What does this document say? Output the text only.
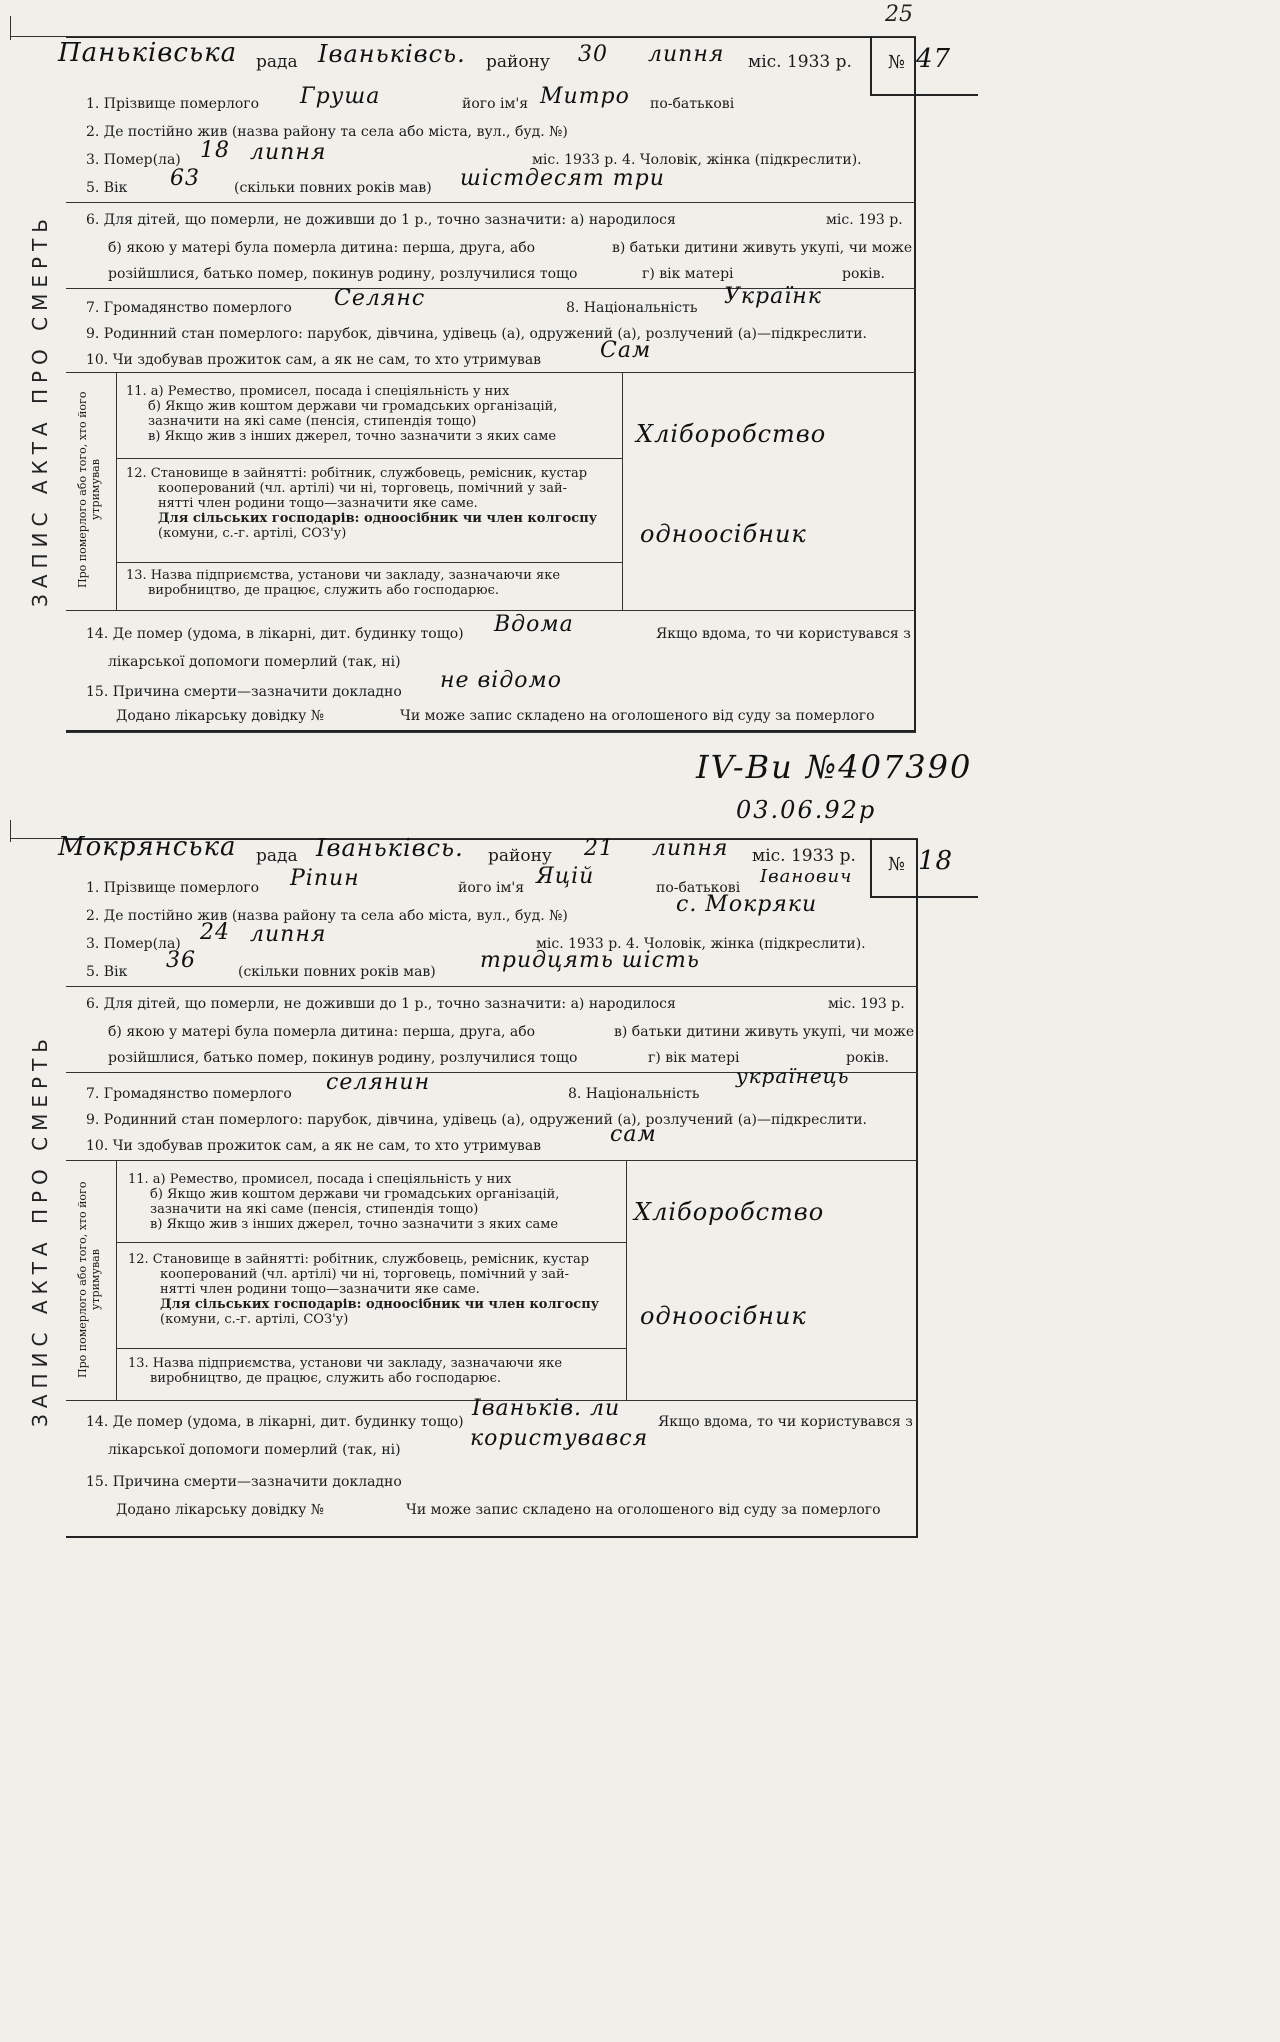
25
ЗАПИС АКТА ПРО СМЕРТЬ
Паньківська рада Іваньківсь. району 30 липня міс. 1933 р. № 47
1. Прізвище померлого Груша	його ім'я Митро по-батькові
2. Де постійно жив (назва району та села або міста, вул., буд. №)
3. Помер(ла) 18 липня	міс. 1933 р. 4. Чоловік, жінка (підкреслити).
5. Вік 63 (скільки повних років мав) шістдесят три
6. Для дітей, що померли, не доживши до 1 р., точно зазначити: а) народилося	міс. 193 р.
б) якою у матері була померла дитина: перша, друга, або	в) батьки дитини живуть укупі, чи може
розійшлися, батько помер, покинув родину, розлучилися тощо	г) вік матері	років.
7. Громадянство померлого Селянс	8. Національність Українк
9. Родинний стан померлого: парубок, дівчина, удівець (а), одружений (а), розлучений (а)—підкреслити.
10. Чи здобував прожиток сам, а як не сам, то хто утримував	Сам
Про померлого або того, хто його утримував
11. а) Ремество, промисел, посада і спеціяльність у них
б) Якщо жив коштом держави чи громадських організацій,
зазначити на які саме (пенсія, стипендія тощо)
в) Якщо жив з інших джерел, точно зазначити з яких саме	Хліборобство
12. Становище в зайнятті: робітник, службовець, ремісник, кустар
кооперований (чл. артілі) чи ні, торговець, помічний у зай-
нятті член родини тощо—зазначити яке саме.
Для сільських господарів: одноосібник чи член колгоспу
(комуни, с.-г. артілі, СОЗ'у)	одноосібник
13. Назва підприємства, установи чи закладу, зазначаючи яке
виробництво, де працює, служить або господарює.
14. Де помер (удома, в лікарні, дит. будинку тощо) Вдома	Якщо вдома, то чи користувався з
лікарської допомоги померлий (так, ні)
15. Причина смерти—зазначити докладно не відомо
Додано лікарську довідку №	Чи може запис складено на оголошеного від суду за померлого
IV-Ви №407390
03.06.92р
ЗАПИС АКТА ПРО СМЕРТЬ
Мокрянська рада Іваньківсь. району 21 липня міс. 1933 р. № 18
1. Прізвище померлого Ріпин	його ім'я Яцій	по-батькові
Іванович
2. Де постійно жив (назва району та села або міста, вул., буд. №)	с. Мокряки
3. Помер(ла) 24 липня	міс. 1933 р. 4. Чоловік, жінка (підкреслити).
5. Вік 36	(скільки повних років мав) тридцять шість
6. Для дітей, що померли, не доживши до 1 р., точно зазначити: а) народилося	міс. 193 р.
б) якою у матері була померла дитина: перша, друга, або	в) батьки дитини живуть укупі, чи може
розійшлися, батько помер, покинув родину, розлучилися тощо	г) вік матері	років.
7. Громадянство померлого селянин	8. Національність
українець
9. Родинний стан померлого: парубок, дівчина, удівець (а), одружений (а), розлучений (а)—підкреслити.
10. Чи здобував прожиток сам, а як не сам, то хто утримував	сам
Про померлого або того, хто його утримував
11. а) Ремество, промисел, посада і спеціяльність у них
б) Якщо жив коштом держави чи громадських організацій,
зазначити на які саме (пенсія, стипендія тощо)
в) Якщо жив з інших джерел, точно зазначити з яких саме	Хліборобство
12. Становище в зайнятті: робітник, службовець, ремісник, кустар
кооперований (чл. артілі) чи ні, торговець, помічний у зай-
нятті член родини тощо—зазначити яке саме.
Для сільських господарів: одноосібник чи член колгоспу
(комуни, с.-г. артілі, СОЗ'у)	одноосібник
13. Назва підприємства, установи чи закладу, зазначаючи яке
виробництво, де працює, служить або господарює.
14. Де помер (удома, в лікарні, дит. будинку тощо)
Іваньків. ли
Якщо вдома, то чи користувався з
лікарської допомоги померлий (так, ні)	користувався
15. Причина смерти—зазначити докладно
Додано лікарську довідку №	Чи може запис складено на оголошеного від суду за померлого
